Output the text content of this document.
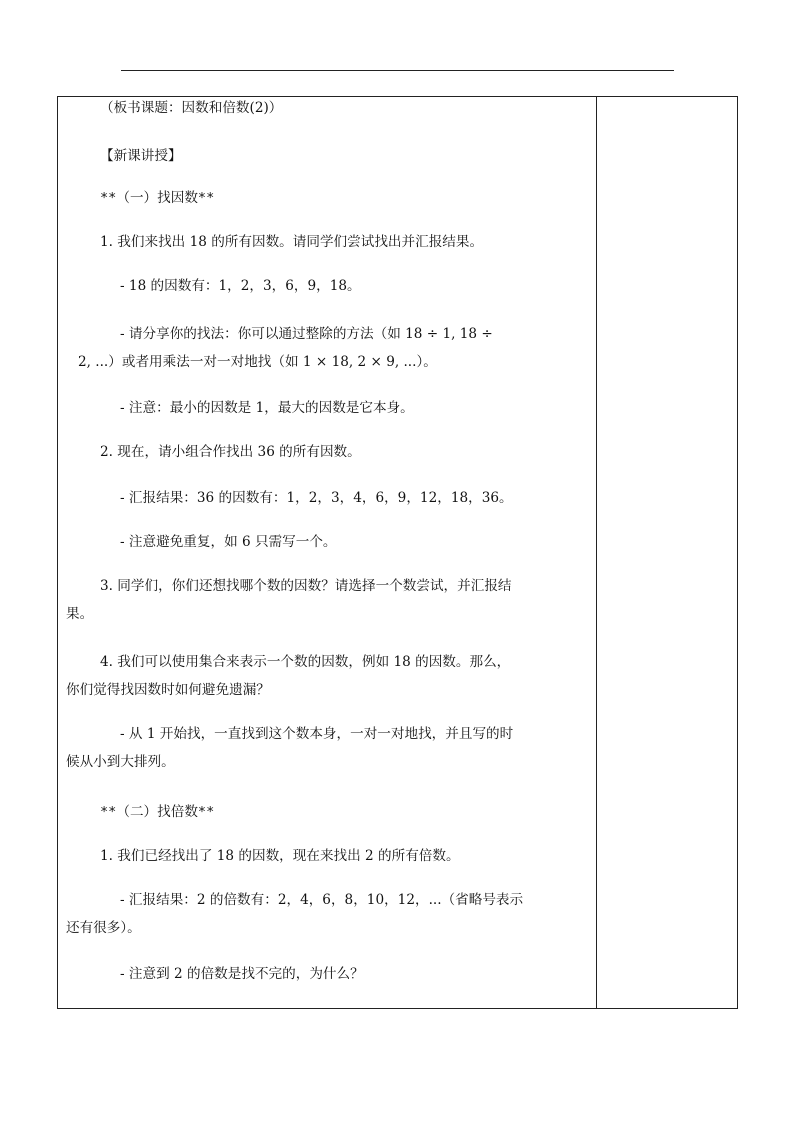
（板书课题：因数和倍数(2)）
【新课讲授】
**（一）找因数**
1. 我们来找出 18 的所有因数。请同学们尝试找出并汇报结果。
- 18 的因数有：1，2，3，6，9，18。
- 请分享你的找法：你可以通过整除的方法（如 18 ÷ 1, 18 ÷
2, ...）或者用乘法一对一对地找（如 1 × 18, 2 × 9, ...）。
- 注意：最小的因数是 1，最大的因数是它本身。
2. 现在，请小组合作找出 36 的所有因数。
- 汇报结果：36 的因数有：1，2，3，4，6，9，12，18，36。
- 注意避免重复，如 6 只需写一个。
3. 同学们，你们还想找哪个数的因数？请选择一个数尝试，并汇报结
果。
4. 我们可以使用集合来表示一个数的因数，例如 18 的因数。那么，
你们觉得找因数时如何避免遗漏？
- 从 1 开始找，一直找到这个数本身，一对一对地找，并且写的时
候从小到大排列。
**（二）找倍数**
1. 我们已经找出了 18 的因数，现在来找出 2 的所有倍数。
- 汇报结果：2 的倍数有：2，4，6，8，10，12，...（省略号表示
还有很多）。
- 注意到 2 的倍数是找不完的，为什么？
